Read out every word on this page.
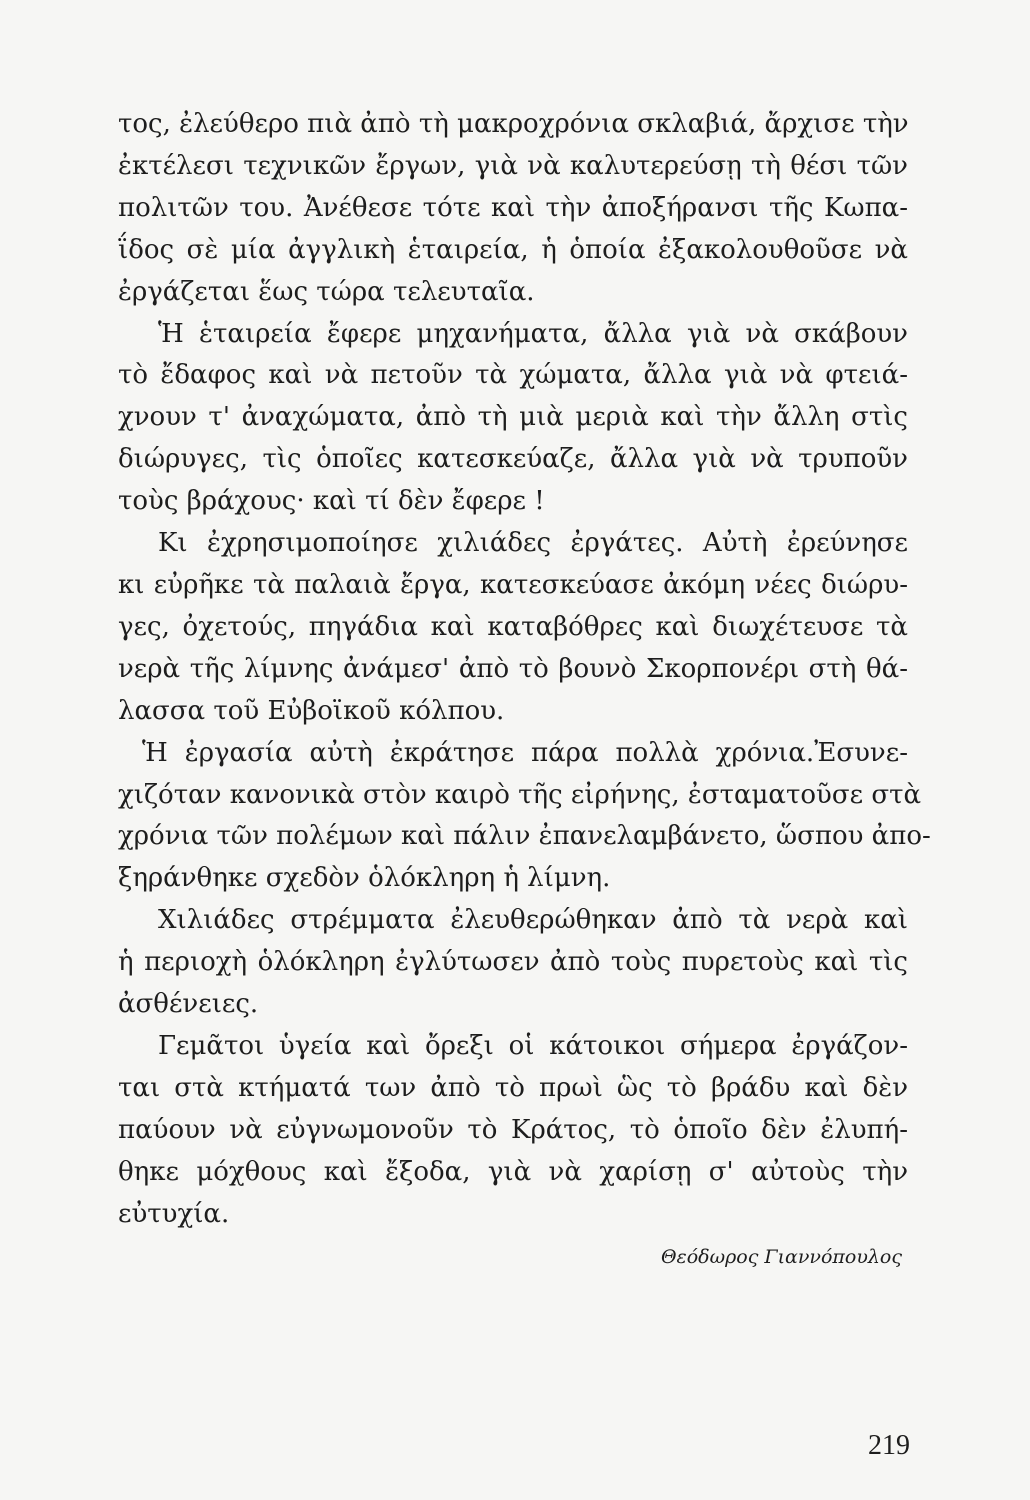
τος, ἐλεύθερο πιὰ ἀπὸ τὴ μακροχρόνια σκλαβιά, ἄρχισε τὴν
ἐκτέλεσι τεχνικῶν ἔργων, γιὰ νὰ καλυτερεύσῃ τὴ θέσι τῶν
πολιτῶν του. Ἀνέθεσε τότε καὶ τὴν ἀποξήρανσι τῆς Κωπα-
ΐδος σὲ μία ἀγγλικὴ ἑταιρεία, ἡ ὁποία ἐξακολουθοῦσε νὰ
ἐργάζεται ἕως τώρα τελευταῖα.
Ἡ ἑταιρεία ἔφερε μηχανήματα, ἄλλα γιὰ νὰ σκάβουν
τὸ ἔδαφος καὶ νὰ πετοῦν τὰ χώματα, ἄλλα γιὰ νὰ φτειά-
χνουν τ' ἀναχώματα, ἀπὸ τὴ μιὰ μεριὰ καὶ τὴν ἄλλη στὶς
διώρυγες, τὶς ὁποῖες κατεσκεύαζε, ἄλλα γιὰ νὰ τρυποῦν
τοὺς βράχους· καὶ τί δὲν ἔφερε !
Κι ἐχρησιμοποίησε χιλιάδες ἐργάτες. Αὐτὴ ἐρεύνησε
κι εὐρῆκε τὰ παλαιὰ ἔργα, κατεσκεύασε ἀκόμη νέες διώρυ-
γες, ὀχετούς, πηγάδια καὶ καταβόθρες καὶ διωχέτευσε τὰ
νερὰ τῆς λίμνης ἀνάμεσ' ἀπὸ τὸ βουνὸ Σκορπονέρι στὴ θά-
λασσα τοῦ Εὐβοϊκοῦ κόλπου.
Ἡ ἐργασία αὐτὴ ἐκράτησε πάρα πολλὰ χρόνια.Ἐσυνε-
χιζόταν κανονικὰ στὸν καιρὸ τῆς εἰρήνης, ἐσταματοῦσε στὰ
χρόνια τῶν πολέμων καὶ πάλιν ἐπανελαμβάνετο, ὥσπου ἀπο-
ξηράνθηκε σχεδὸν ὁλόκληρη ἡ λίμνη.
Χιλιάδες στρέμματα ἐλευθερώθηκαν ἀπὸ τὰ νερὰ καὶ
ἡ περιοχὴ ὁλόκληρη ἐγλύτωσεν ἀπὸ τοὺς πυρετοὺς καὶ τὶς
ἀσθένειες.
Γεμᾶτοι ὑγεία καὶ ὄρεξι οἱ κάτοικοι σήμερα ἐργάζον-
ται στὰ κτήματά των ἀπὸ τὸ πρωὶ ὣς τὸ βράδυ καὶ δὲν
παύουν νὰ εὐγνωμονοῦν τὸ Κράτος, τὸ ὁποῖο δὲν ἐλυπή-
θηκε μόχθους καὶ ἔξοδα, γιὰ νὰ χαρίσῃ σ' αὐτοὺς τὴν
εὐτυχία.
Θεόδωρος Γιαννόπουλος
219
